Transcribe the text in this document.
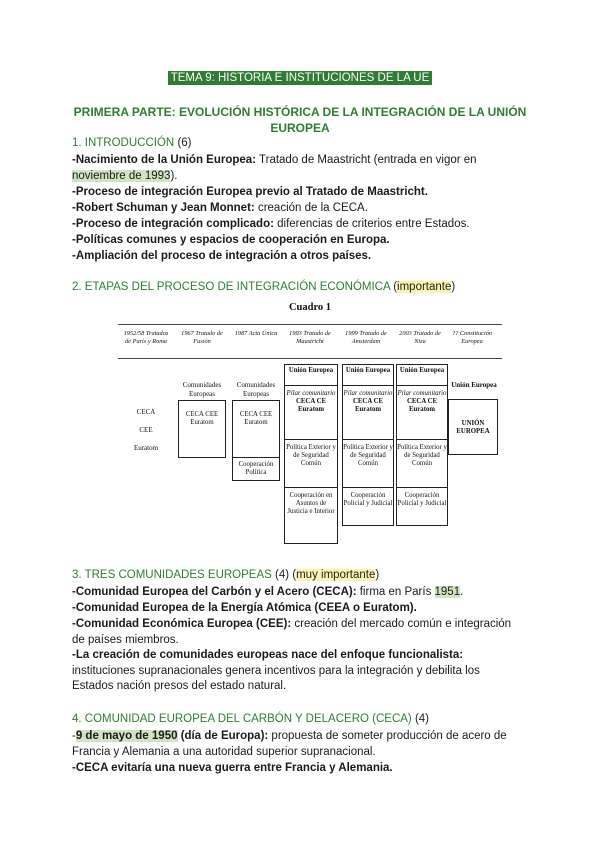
TEMA 9: HISTORIA E INSTITUCIONES DE LA UE
PRIMERA PARTE: EVOLUCIÓN HISTÓRICA DE LA INTEGRACIÓN DE LA UNIÓN EUROPEA
1. INTRODUCCIÓN (6)
-Nacimiento de la Unión Europea: Tratado de Maastricht (entrada en vigor en
noviembre de 1993).
-Proceso de integración Europea previo al Tratado de Maastricht.
-Robert Schuman y Jean Monnet: creación de la CECA.
-Proceso de integración complicado: diferencias de criterios entre Estados.
-Políticas comunes y espacios de cooperación en Europa.
-Ampliación del proceso de integración a otros países.
2. ETAPAS DEL PROCESO DE INTEGRACIÓN ECONÓMICA (importante)
Cuadro 1
1952/58 Tratados de París y Roma
1967 Tratado de Fusión
1987 Acta Única	1993 Tratado de Maastricht
1999 Tratado de Amsterdam
2003 Tratado de Niza
?? Constitución Europea
CECA
CEE
Euratom
Comunidades Europeas
CECA CEE Euratom
Comunidades Europeas
CECA CEE Euratom
Cooperación Política
Unión Europea
Pilar comunitario
CECA CE Euratom
Política Exterior y de Seguridad Común
Cooperación en Asuntos de Justicia e Interior
Unión Europea
Pilar comunitario
CECA CE Euratom
Política Exterior y de Seguridad Común
Cooperación Policial y Judicial
Unión Europea
Pilar comunitario
CECA CE Euratom
Política Exterior y de Seguridad Común
Cooperación Policial y Judicial
Unión Europea
UNIÓN EUROPEA
3. TRES COMUNIDADES EUROPEAS (4) (muy importante)
-Comunidad Europea del Carbón y el Acero (CECA): firma en París 1951.
-Comunidad Europea de la Energía Atómica (CEEA o Euratom).
-Comunidad Económica Europea (CEE): creación del mercado común e integración
de países miembros.
-La creación de comunidades europeas nace del enfoque funcionalista:
instituciones supranacionales genera incentivos para la integración y debilita los
Estados nación presos del estado natural.
4. COMUNIDAD EUROPEA DEL CARBÓN Y DELACERO (CECA) (4)
-9 de mayo de 1950 (día de Europa): propuesta de someter producción de acero de
Francia y Alemania a una autoridad superior supranacional.
-CECA evitaría una nueva guerra entre Francia y Alemania.
